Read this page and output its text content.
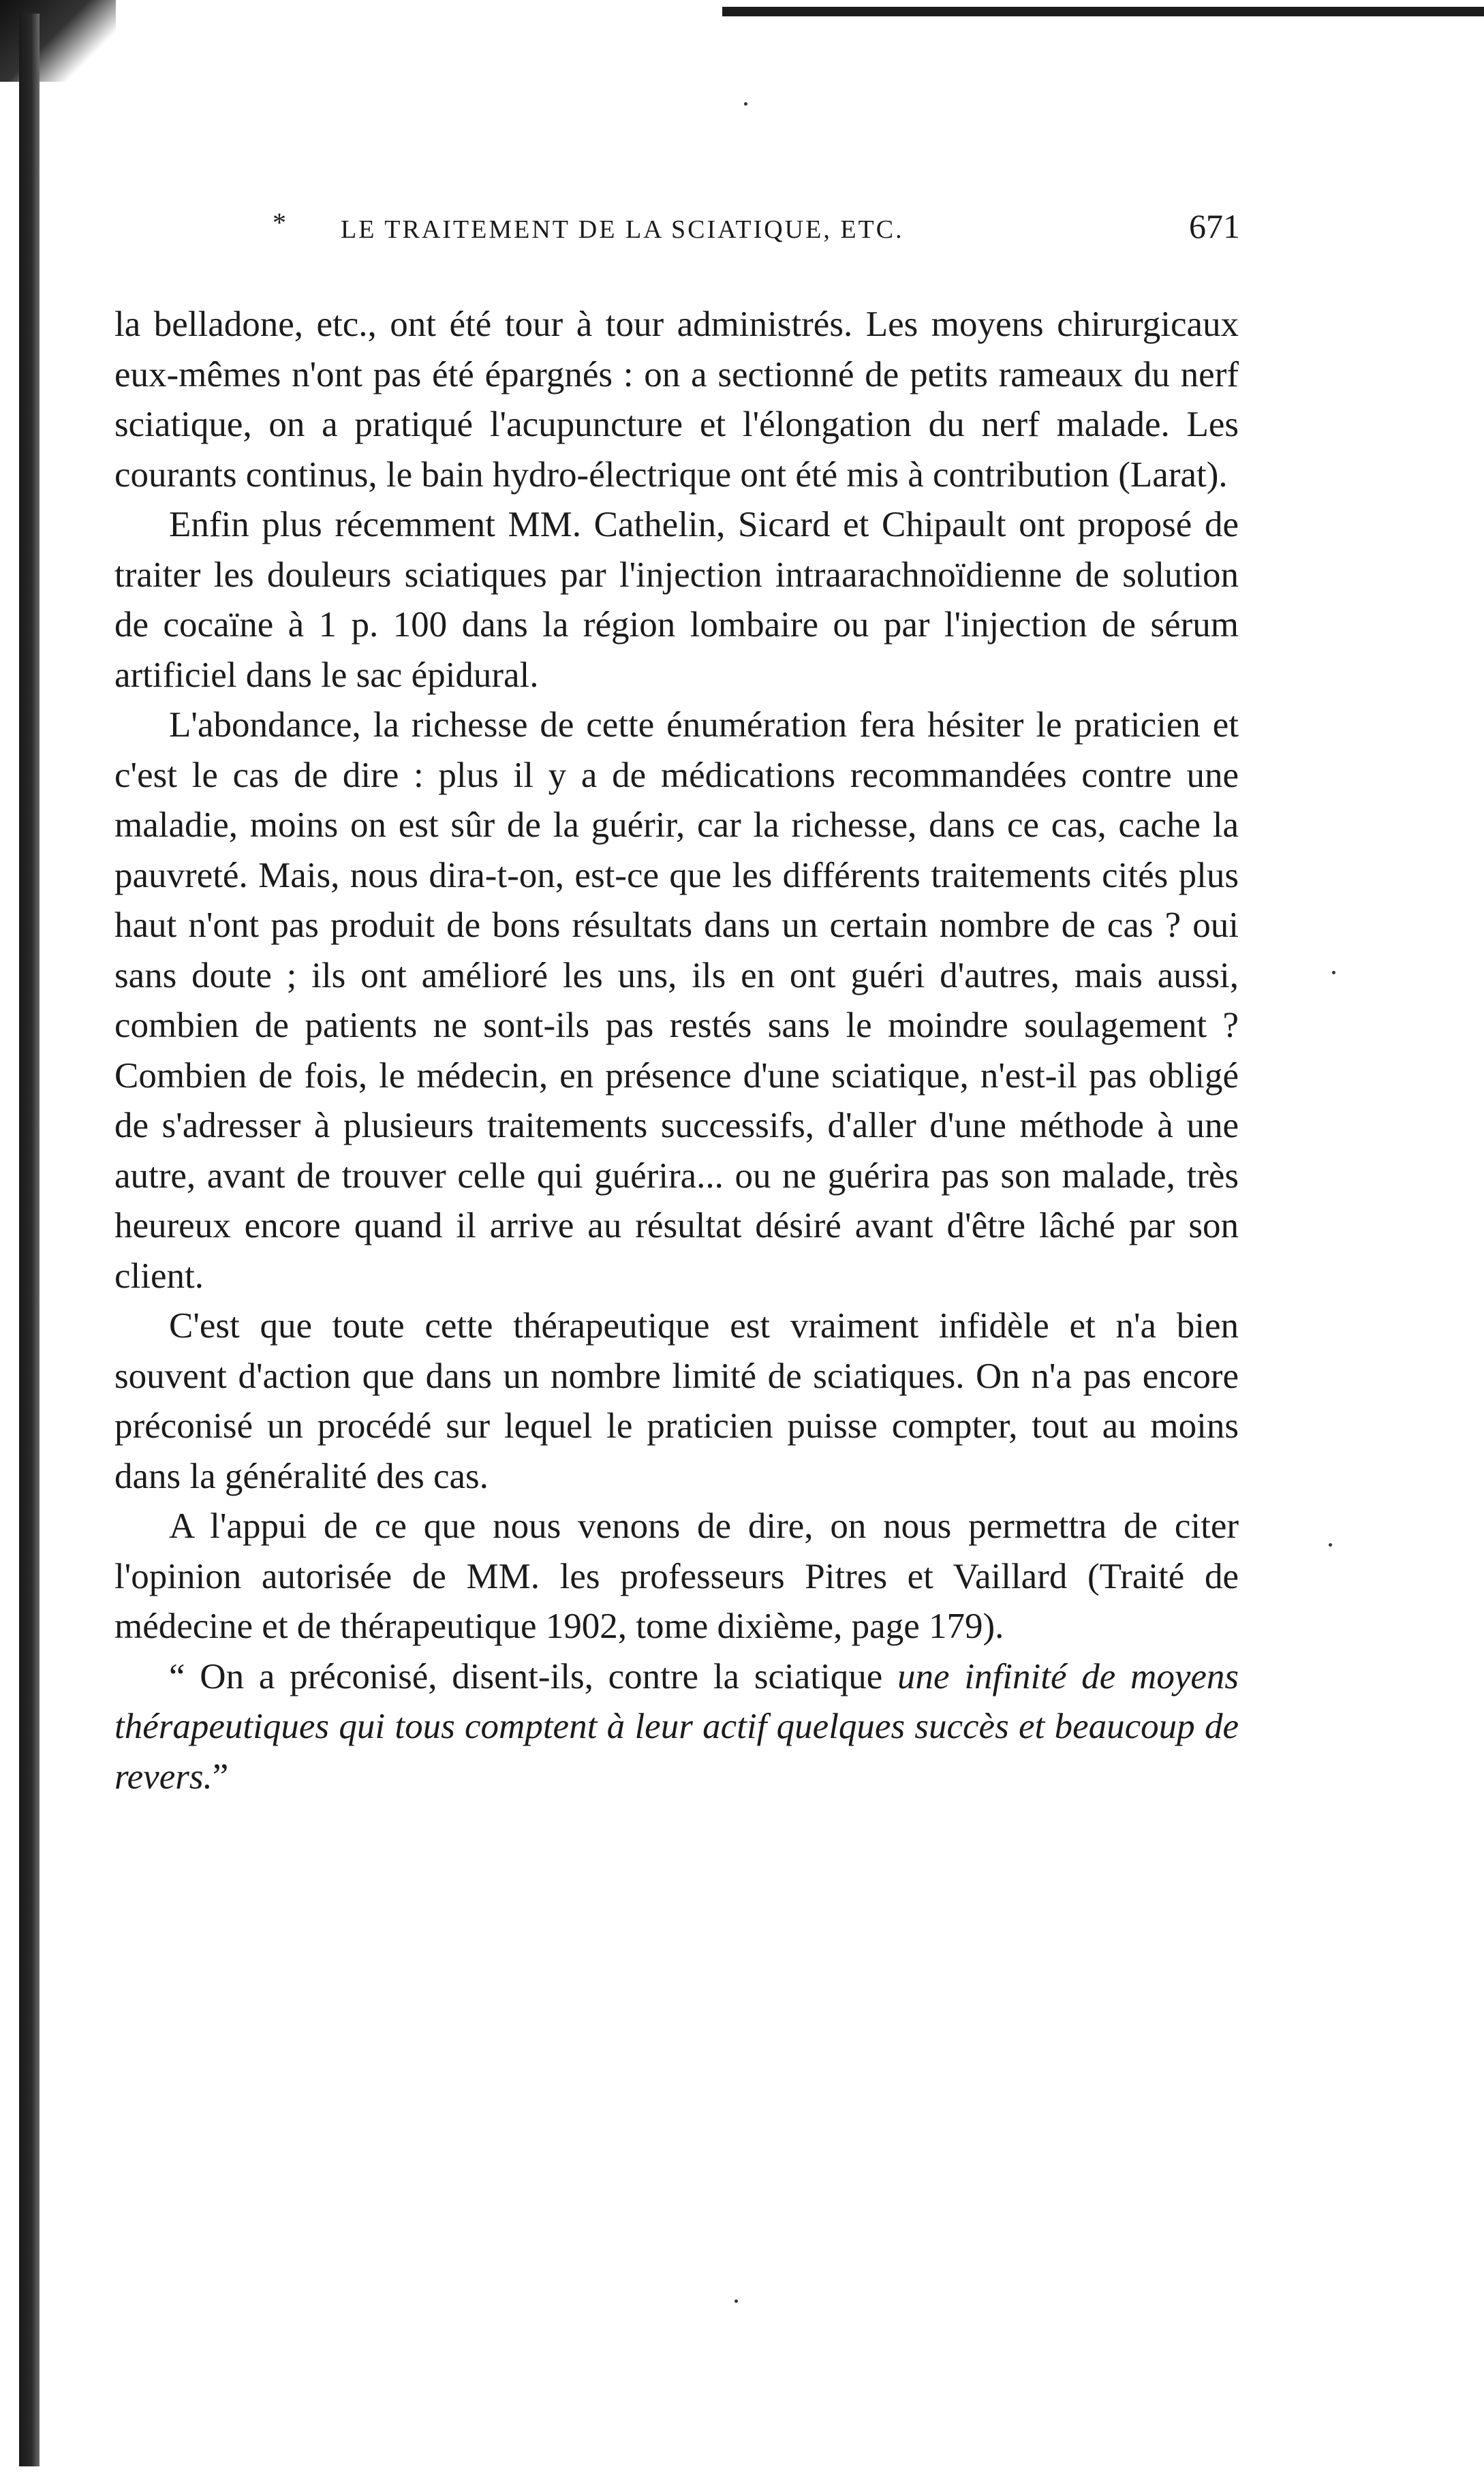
* LE TRAITEMENT DE LA SCIATIQUE, ETC.	671

la belladone, etc., ont été tour à tour administrés. Les moyens chirurgicaux eux-mêmes n'ont pas été épargnés : on a sectionné de petits rameaux du nerf sciatique, on a pratiqué l'acupuncture et l'élongation du nerf malade. Les courants continus, le bain hydro-électrique ont été mis à contribution (Larat).

Enfin plus récemment MM. Cathelin, Sicard et Chipault ont proposé de traiter les douleurs sciatiques par l'injection intraarachnoïdienne de solution de cocaïne à 1 p. 100 dans la région lombaire ou par l'injection de sérum artificiel dans le sac épidural.

L'abondance, la richesse de cette énumération fera hésiter le praticien et c'est le cas de dire : plus il y a de médications recommandées contre une maladie, moins on est sûr de la guérir, car la richesse, dans ce cas, cache la pauvreté. Mais, nous dira-t-on, est-ce que les différents traitements cités plus haut n'ont pas produit de bons résultats dans un certain nombre de cas ? oui sans doute ; ils ont amélioré les uns, ils en ont guéri d'autres, mais aussi, combien de patients ne sont-ils pas restés sans le moindre soulagement ? Combien de fois, le médecin, en présence d'une sciatique, n'est-il pas obligé de s'adresser à plusieurs traitements successifs, d'aller d'une méthode à une autre, avant de trouver celle qui guérira... ou ne guérira pas son malade, très heureux encore quand il arrive au résultat désiré avant d'être lâché par son client.

C'est que toute cette thérapeutique est vraiment infidèle et n'a bien souvent d'action que dans un nombre limité de sciatiques. On n'a pas encore préconisé un procédé sur lequel le praticien puisse compter, tout au moins dans la généralité des cas.

A l'appui de ce que nous venons de dire, on nous permettra de citer l'opinion autorisée de MM. les professeurs Pitres et Vaillard (Traité de médecine et de thérapeutique 1902, tome dixième, page 179).

“ On a préconisé, disent-ils, contre la sciatique une infinité de moyens thérapeutiques qui tous comptent à leur actif quelques succès et beaucoup de revers.”
